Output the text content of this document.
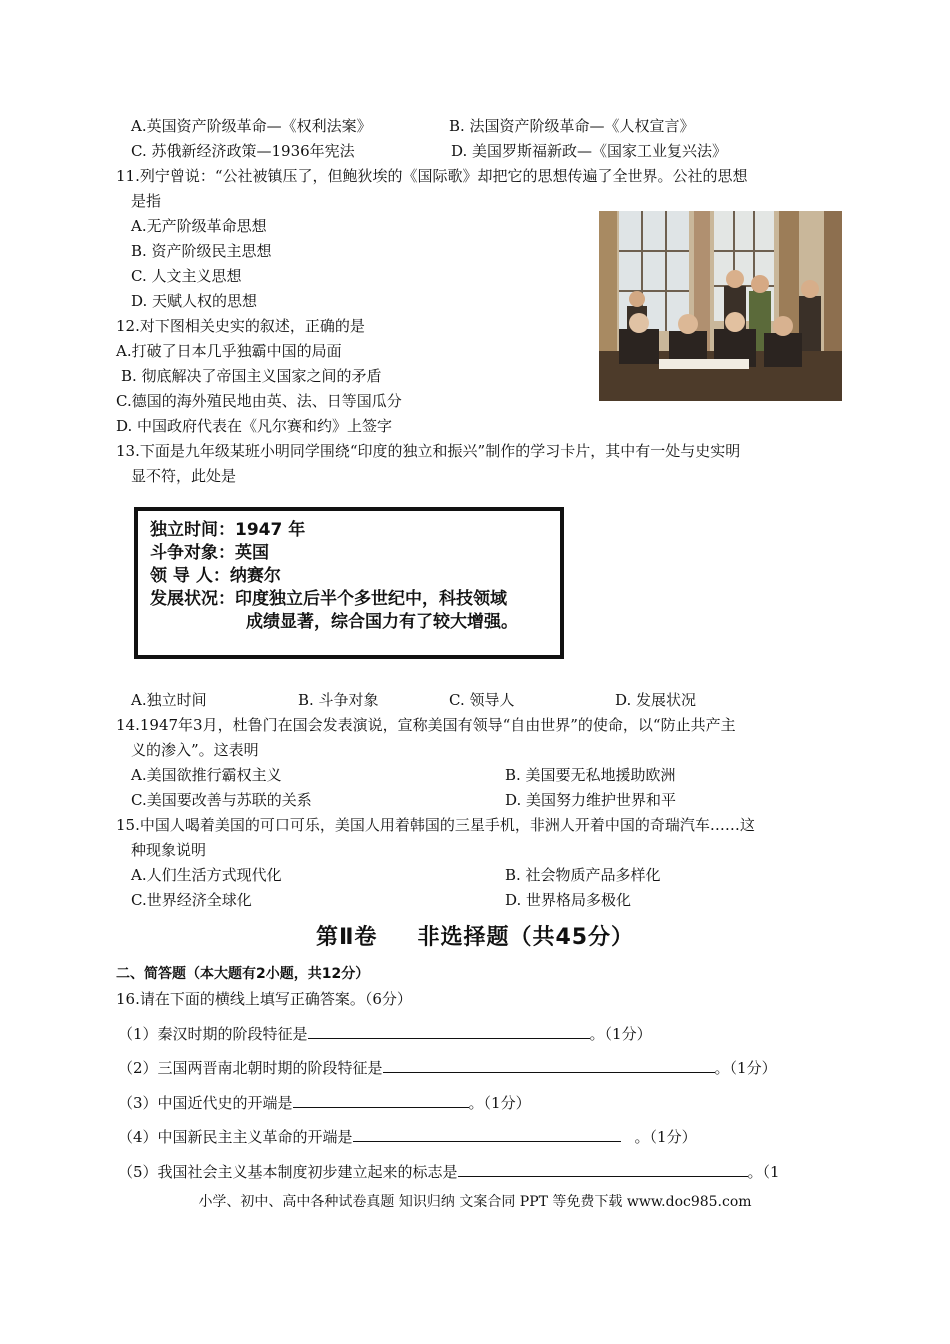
A.英国资产阶级革命—《权利法案》	B. 法国资产阶级革命—《人权宣言》
C. 苏俄新经济政策—1936年宪法	D. 美国罗斯福新政—《国家工业复兴法》
11.列宁曾说：“公社被镇压了，但鲍狄埃的《国际歌》却把它的思想传遍了全世界。公社的思想
是指
A.无产阶级革命思想
B. 资产阶级民主思想
C. 人文主义思想
D. 天赋人权的思想
12.对下图相关史实的叙述，正确的是
A.打破了日本几乎独霸中国的局面
B. 彻底解决了帝国主义国家之间的矛盾
C.德国的海外殖民地由英、法、日等国瓜分
D. 中国政府代表在《凡尔赛和约》上签字
13.下面是九年级某班小明同学围绕“印度的独立和振兴”制作的学习卡片，其中有一处与史实明
显不符，此处是
独立时间：1947 年
斗争对象：英国
领 导 人：纳赛尔
发展状况：印度独立后半个多世纪中，科技领域
成绩显著，综合国力有了较大增强。
A.独立时间	B. 斗争对象	C. 领导人	D. 发展状况
14.1947年3月，杜鲁门在国会发表演说，宣称美国有领导“自由世界”的使命，以“防止共产主
义的渗入”。这表明
A.美国欲推行霸权主义	B. 美国要无私地援助欧洲
C.美国要改善与苏联的关系	D. 美国努力维护世界和平
15.中国人喝着美国的可口可乐，美国人用着韩国的三星手机，非洲人开着中国的奇瑞汽车……这
种现象说明
A.人们生活方式现代化	B. 社会物质产品多样化
C.世界经济全球化	D. 世界格局多极化
第Ⅱ卷 非选择题（共45分）
二、简答题（本大题有2小题，共12分）
16.请在下面的横线上填写正确答案。（6分）
（1）秦汉时期的阶段特征是	。（1分）
（2）三国两晋南北朝时期的阶段特征是	。（1分）
（3）中国近代史的开端是	。（1分）
（4）中国新民主主义革命的开端是	。（1分）
（5）我国社会主义基本制度初步建立起来的标志是	。（1
小学、初中、高中各种试卷真题 知识归纳 文案合同 PPT 等免费下载 www.doc985.com
